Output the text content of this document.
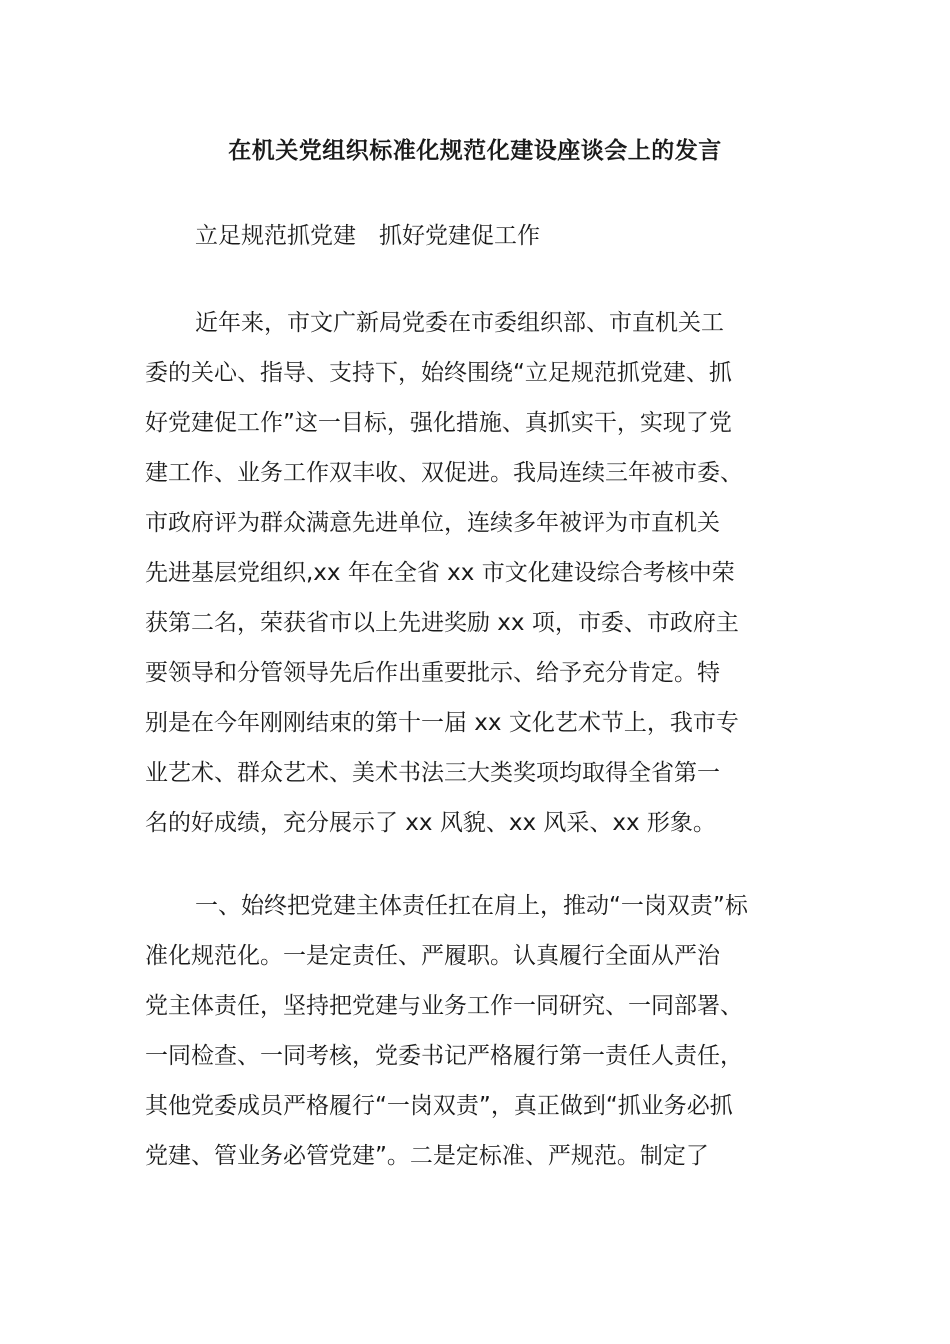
在机关党组织标准化规范化建设座谈会上的发言

立足规范抓党建　抓好党建促工作

近年来，市文广新局党委在市委组织部、市直机关工
委的关心、指导、支持下，始终围绕“立足规范抓党建、抓
好党建促工作”这一目标，强化措施、真抓实干，实现了党
建工作、业务工作双丰收、双促进。我局连续三年被市委、
市政府评为群众满意先进单位，连续多年被评为市直机关
先进基层党组织,xx 年在全省 xx 市文化建设综合考核中荣
获第二名，荣获省市以上先进奖励 xx 项，市委、市政府主
要领导和分管领导先后作出重要批示、给予充分肯定。特
别是在今年刚刚结束的第十一届 xx 文化艺术节上，我市专
业艺术、群众艺术、美术书法三大类奖项均取得全省第一
名的好成绩，充分展示了 xx 风貌、xx 风采、xx 形象。
一、始终把党建主体责任扛在肩上，推动“一岗双责”标
准化规范化。一是定责任、严履职。认真履行全面从严治
党主体责任，坚持把党建与业务工作一同研究、一同部署、
一同检查、一同考核，党委书记严格履行第一责任人责任，
其他党委成员严格履行“一岗双责”，真正做到“抓业务必抓
党建、管业务必管党建”。二是定标准、严规范。制定了
